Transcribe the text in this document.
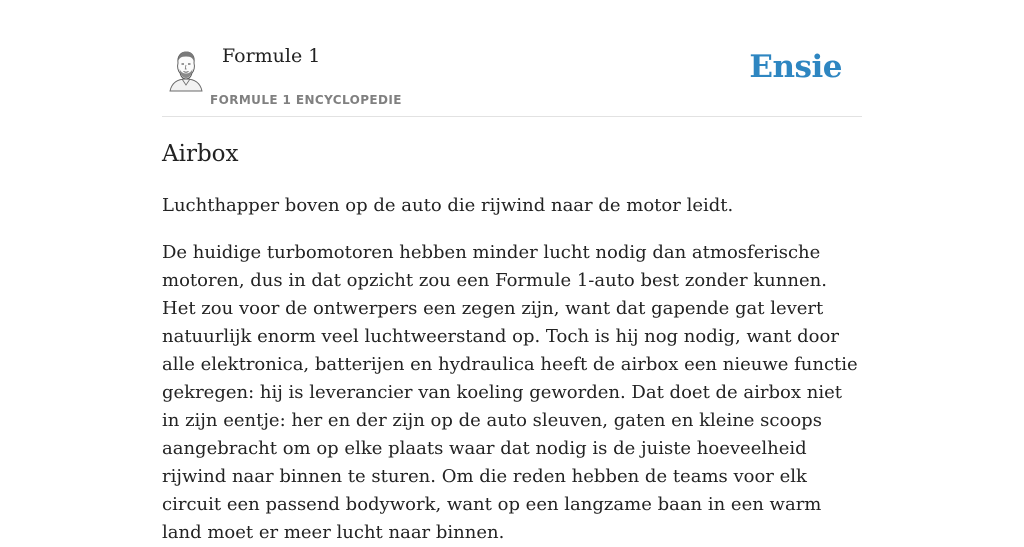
Formule 1
FORMULE 1 ENCYCLOPEDIE
Ensie
Airbox

Luchthapper boven op de auto die rijwind naar de motor leidt.

De huidige turbomotoren hebben minder lucht nodig dan atmosferische motoren, dus in dat opzicht zou een Formule 1-auto best zonder kunnen. Het zou voor de ontwerpers een zegen zijn, want dat gapende gat levert natuurlijk enorm veel luchtweerstand op. Toch is hij nog nodig, want door alle elektronica, batterijen en hydraulica heeft de airbox een nieuwe functie gekregen: hij is leverancier van koeling geworden. Dat doet de airbox niet in zijn eentje: her en der zijn op de auto sleuven, gaten en kleine scoops aangebracht om op elke plaats waar dat nodig is de juiste hoeveelheid rijwind naar binnen te sturen. Om die reden hebben de teams voor elk circuit een passend bodywork, want op een langzame baan in een warm land moet er meer lucht naar binnen.
